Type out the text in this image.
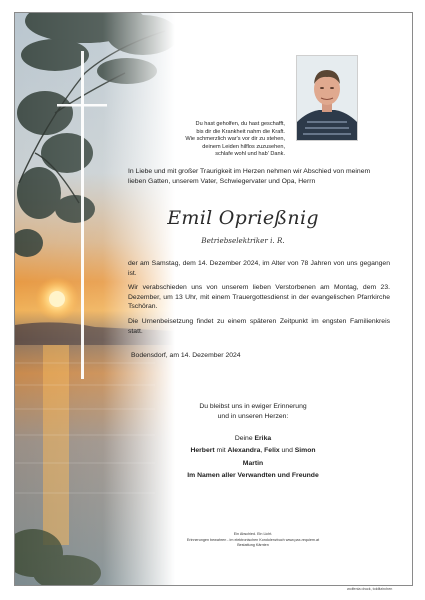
Du hast geholfen, du hast geschafft,
bis dir die Krankheit nahm die Kraft.
Wie schmerzlich war's vor dir zu stehen,
deinem Leiden hilflos zuzusehen,
schlafe wohl und hab' Dank.
In Liebe und mit großer Traurigkeit im Herzen nehmen wir Abschied von meinem lieben Gatten, unserem Vater, Schwiegervater und Opa, Herrn
Emil Oprießnig
Betriebselektriker i. R.
der am Samstag, dem 14. Dezember 2024, im Alter von 78 Jahren von uns gegangen ist.
Wir verabschieden uns von unserem lieben Verstorbenen am Montag, dem 23. Dezember, um 13 Uhr, mit einem Trauergottesdienst in der evangelischen Pfarrkirche Tschöran.
Die Urnenbeisetzung findet zu einem späteren Zeitpunkt im engsten Familienkreis statt.
Bodensdorf, am 14. Dezember 2024
Du bleibst uns in ewiger Erinnerung
und in unseren Herzen:
Deine Erika
Herbert mit Alexandra, Felix und Simon
Martin
Im Namen aller Verwandten und Freunde
Ein Abschied. Ein Licht.
Erinnerungen bewahren - im elektronischen Kondolenzbuch www.pax-requiem.at
Bestattung Kärnten
wolfenia druck, tolditzirchen
